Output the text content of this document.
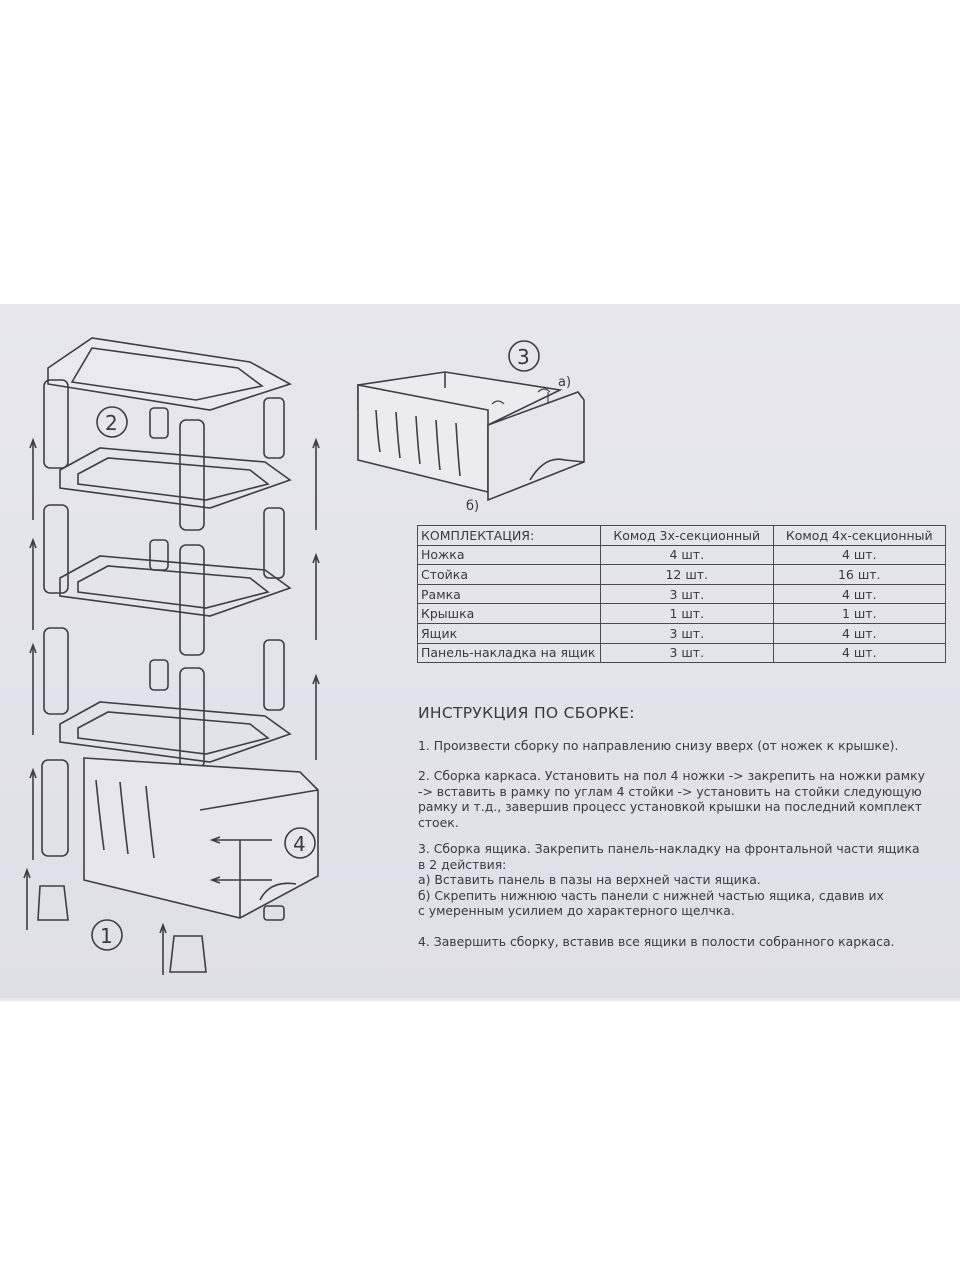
3
а)
б)
2
1
4
КОМПЛЕКТАЦИЯ:	Комод 3х-секционный	Комод 4х-секционный
Ножка	4 шт.	4 шт.
Стойка	12 шт.	16 шт.
Рамка	3 шт.	4 шт.
Крышка	1 шт.	1 шт.
Ящик	3 шт.	4 шт.
Панель-накладка на ящик	3 шт.	4 шт.
ИНСТРУКЦИЯ ПО СБОРКЕ:
1. Произвести сборку по направлению снизу вверх (от ножек к крышке).
2. Сборка каркаса. Установить на пол 4 ножки -> закрепить на ножки рамку
-> вставить в рамку по углам 4 стойки -> установить на стойки следующую
рамку и т.д., завершив процесс установкой крышки на последний комплект
стоек.
3. Сборка ящика. Закрепить панель-накладку на фронтальной части ящика
в 2 действия:
а) Вставить панель в пазы на верхней части ящика.
б) Скрепить нижнюю часть панели с нижней частью ящика, сдавив их
с умеренным усилием до характерного щелчка.
4. Завершить сборку, вставив все ящики в полости собранного каркаса.
